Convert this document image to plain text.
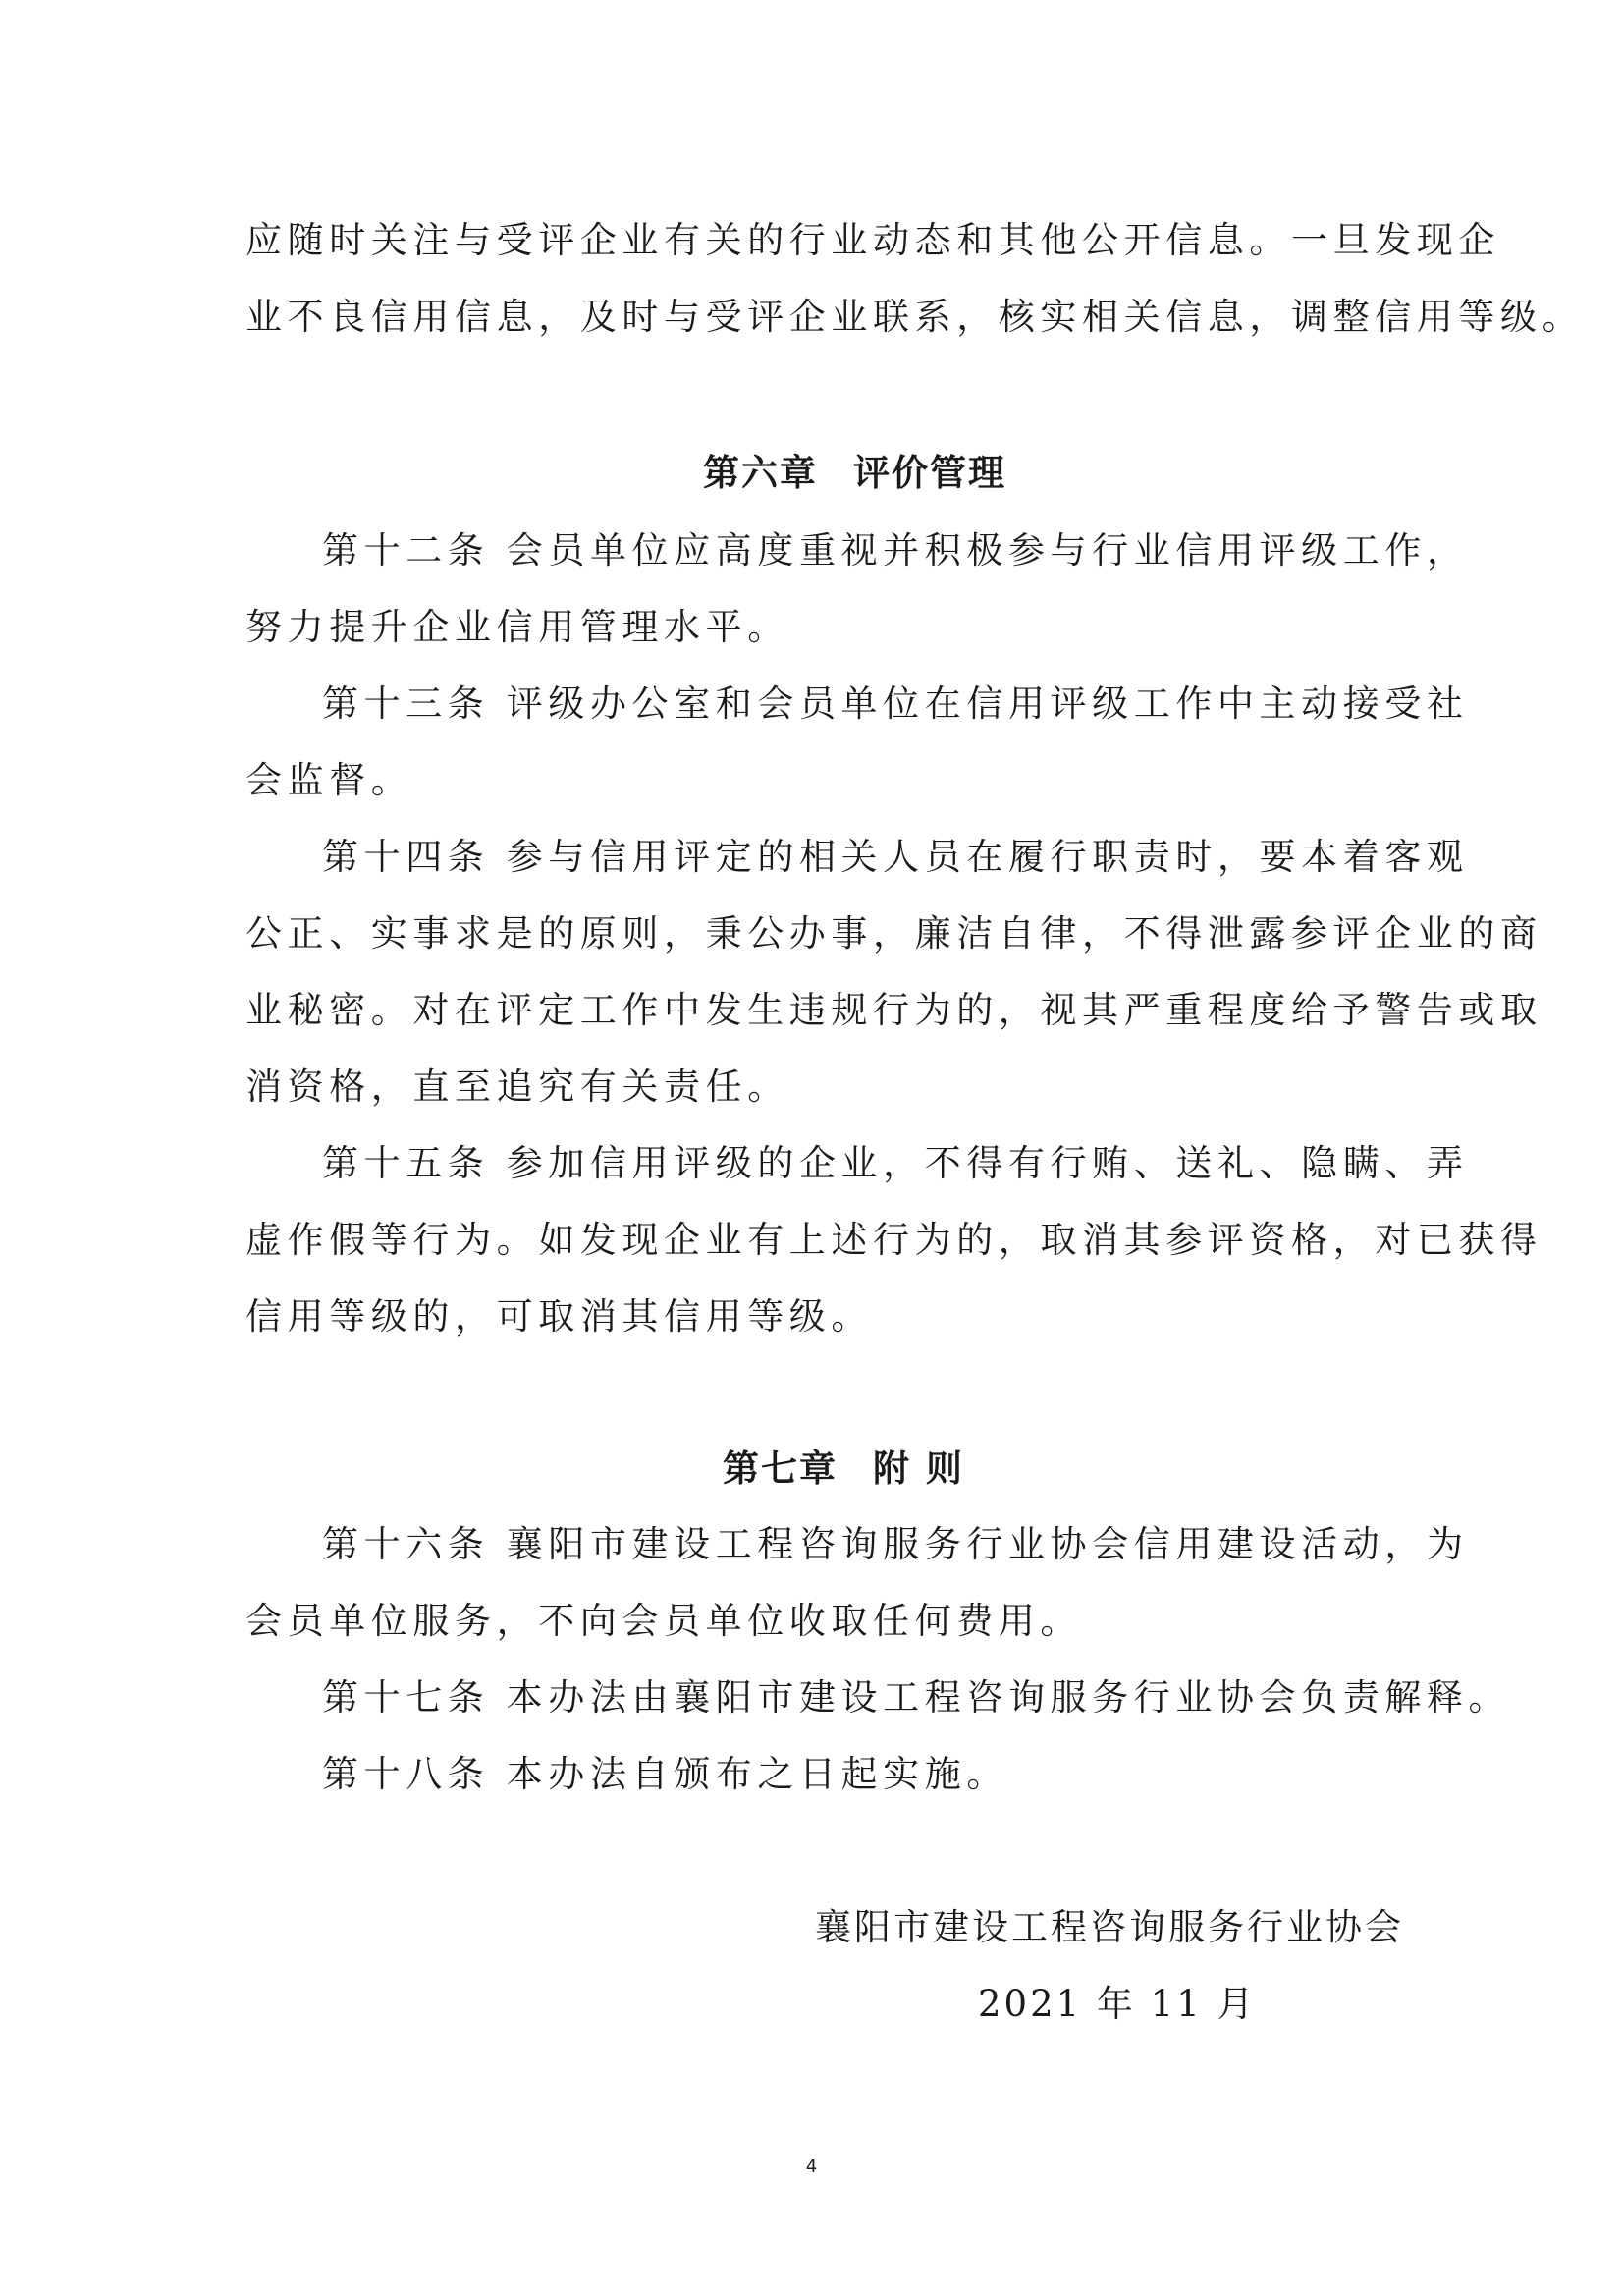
应随时关注与受评企业有关的行业动态和其他公开信息。一旦发现企
业不良信用信息，及时与受评企业联系，核实相关信息，调整信用等级。
第六章 评价管理
第十二条 会员单位应高度重视并积极参与行业信用评级工作，
努力提升企业信用管理水平。
第十三条 评级办公室和会员单位在信用评级工作中主动接受社
会监督。
第十四条 参与信用评定的相关人员在履行职责时，要本着客观
公正、实事求是的原则，秉公办事，廉洁自律，不得泄露参评企业的商
业秘密。对在评定工作中发生违规行为的，视其严重程度给予警告或取
消资格，直至追究有关责任。
第十五条 参加信用评级的企业，不得有行贿、送礼、隐瞒、弄
虚作假等行为。如发现企业有上述行为的，取消其参评资格，对已获得
信用等级的，可取消其信用等级。
第七章 附 则
第十六条 襄阳市建设工程咨询服务行业协会信用建设活动，为
会员单位服务，不向会员单位收取任何费用。
第十七条 本办法由襄阳市建设工程咨询服务行业协会负责解释。
第十八条 本办法自颁布之日起实施。
襄阳市建设工程咨询服务行业协会
2021 年 11 月
4
